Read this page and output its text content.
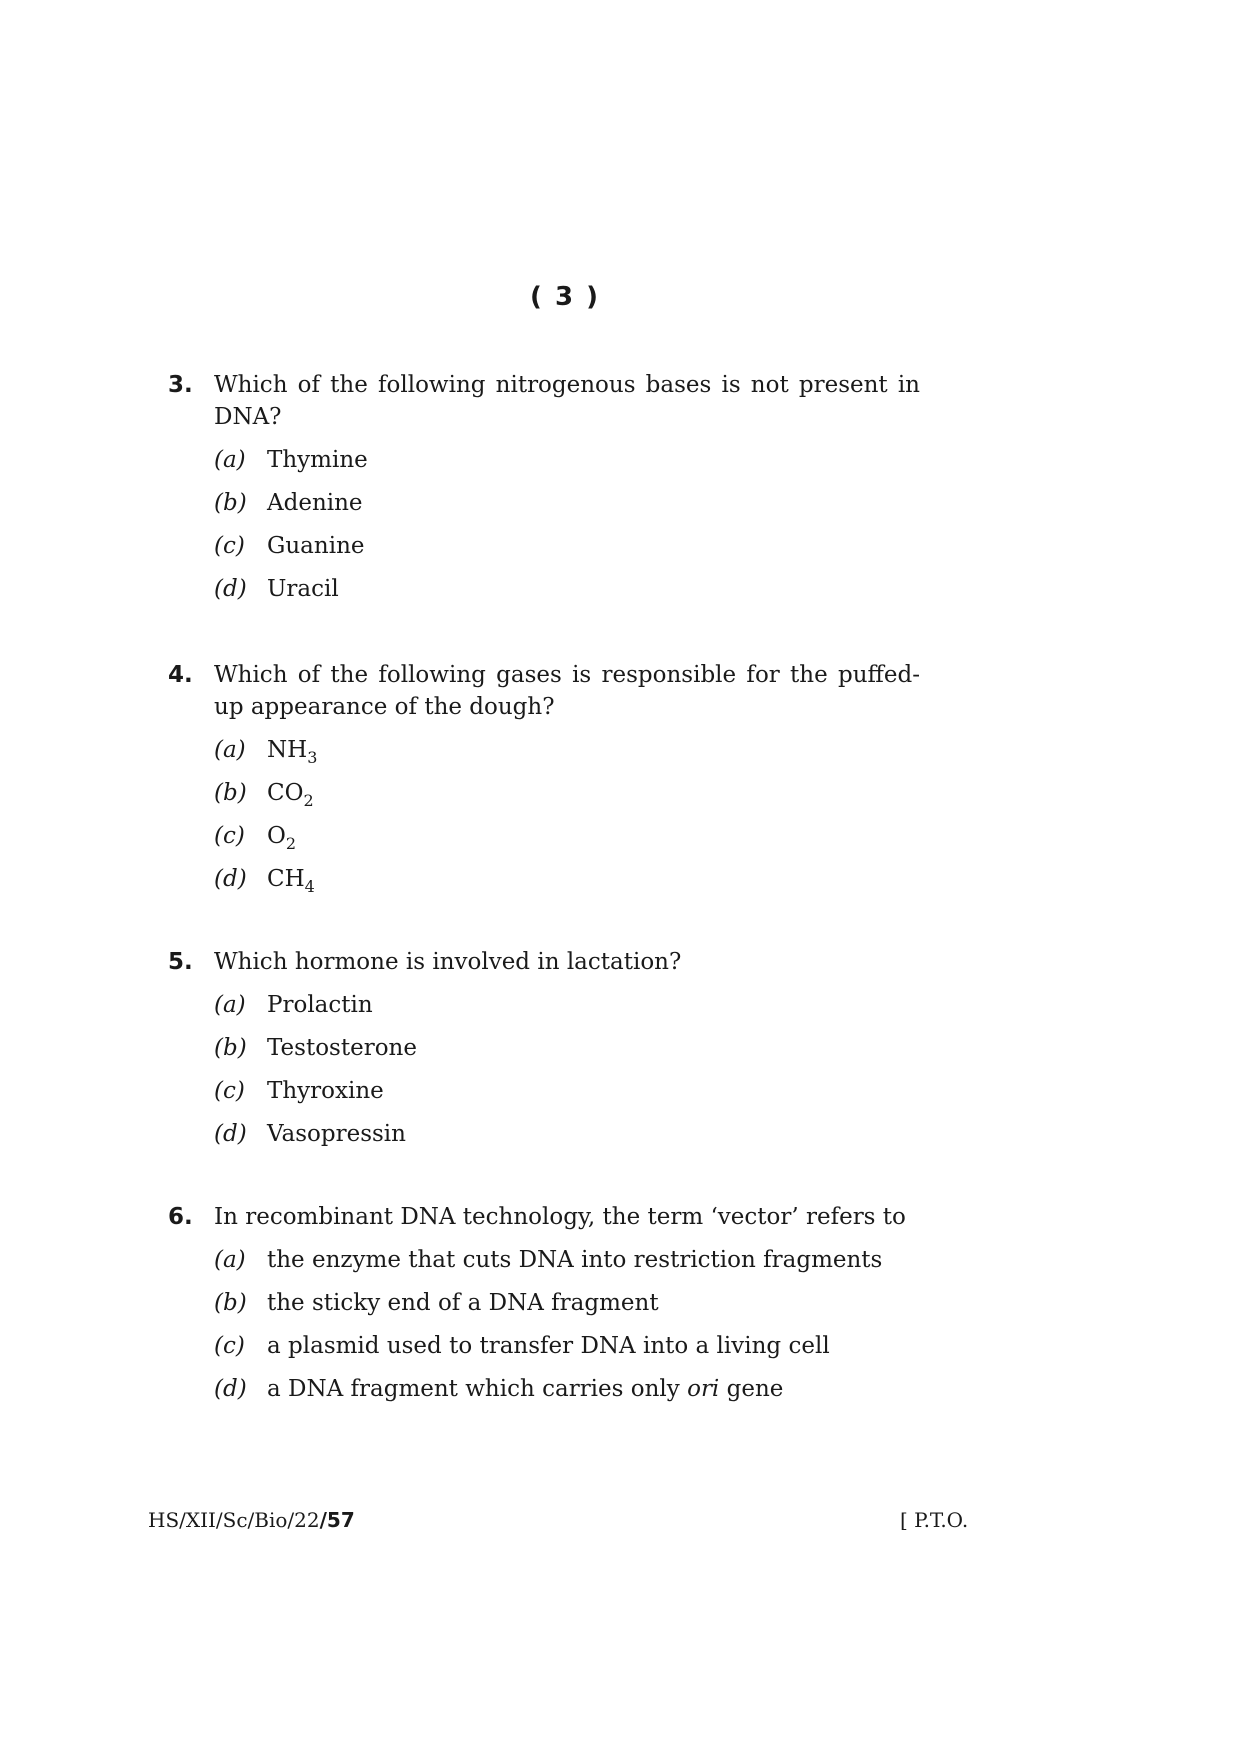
( 3 )
3. Which of the following nitrogenous bases is not present in DNA?
(a) Thymine
(b) Adenine
(c) Guanine
(d) Uracil
4. Which of the following gases is responsible for the puffed-up appearance of the dough?
(a) $NH_3$
(b) $CO_2$
(c) $O_2$
(d) $CH_4$
5. Which hormone is involved in lactation?
(a) Prolactin
(b) Testosterone
(c) Thyroxine
(d) Vasopressin
6. In recombinant DNA technology, the term ‘vector’ refers to
(a) the enzyme that cuts DNA into restriction fragments
(b) the sticky end of a DNA fragment
(c) a plasmid used to transfer DNA into a living cell
(d) a DNA fragment which carries only ori gene
HS/XII/Sc/Bio/22/57	[ P.T.O.
